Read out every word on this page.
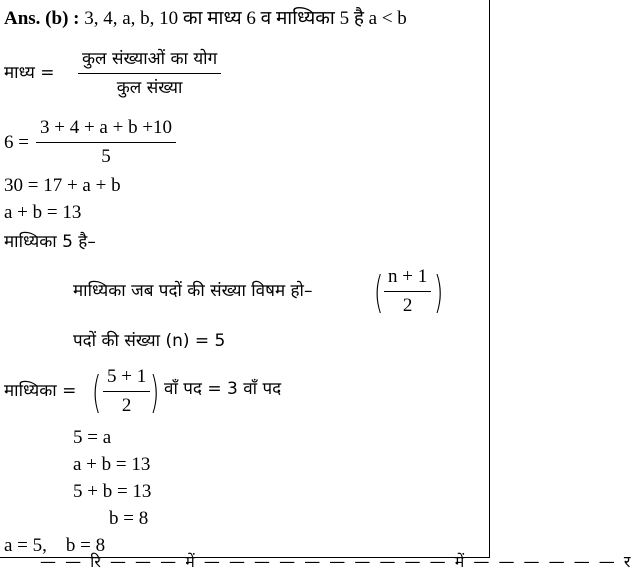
Ans. (b) : 3, 4, a, b, 10 का माध्य 6 व माध्यिका 5 है a < b
माध्य =
कुल संख्याओं का योग
कुल संख्या
6 =
3 + 4 + a + b +10
5
30 = 17 + a + b
a + b = 13
माध्यिका 5 है–
माध्यिका जब पदों की संख्या विषम हो– ( n + 1
2 )
पदों की संख्या (n) = 5
माध्यिका = ( 5 + 1
2 ) वाँ पद = 3 वाँ पद
5 = a
a + b = 13
5 + b = 13
b = 8
a = 5,    b = 8
— — रि — — — में — — — — — — — — — — में — — — — — — र
